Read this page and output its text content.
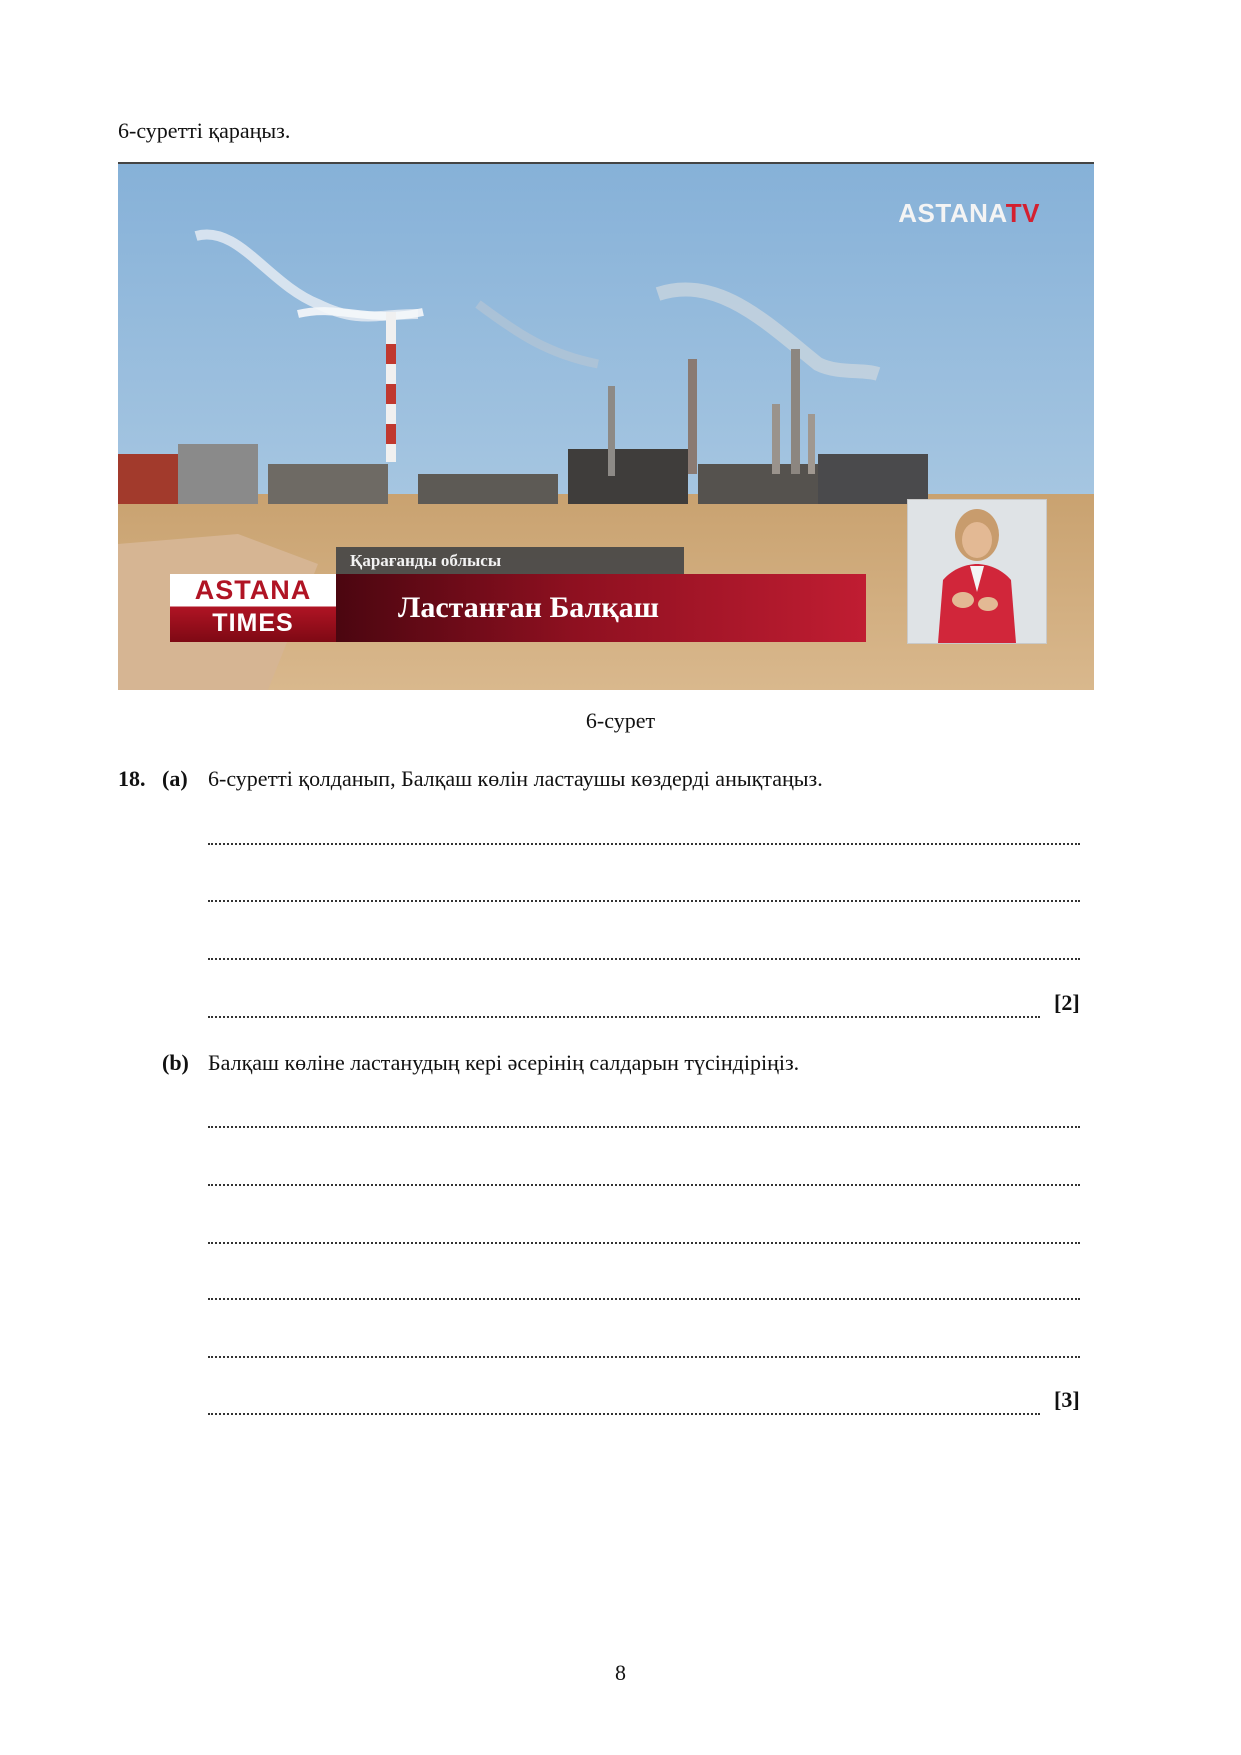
6-суретті қараңыз.
ASTANATV
Қарағанды облысы
ASTANA
TIMES	Ластанған Балқаш
6-сурет
18. (a) 6-суретті қолданып, Балқаш көлін ластаушы көздерді анықтаңыз.
[2]
(b) Балқаш көліне ластанудың кері әсерінің салдарын түсіндіріңіз.
[3]
8
